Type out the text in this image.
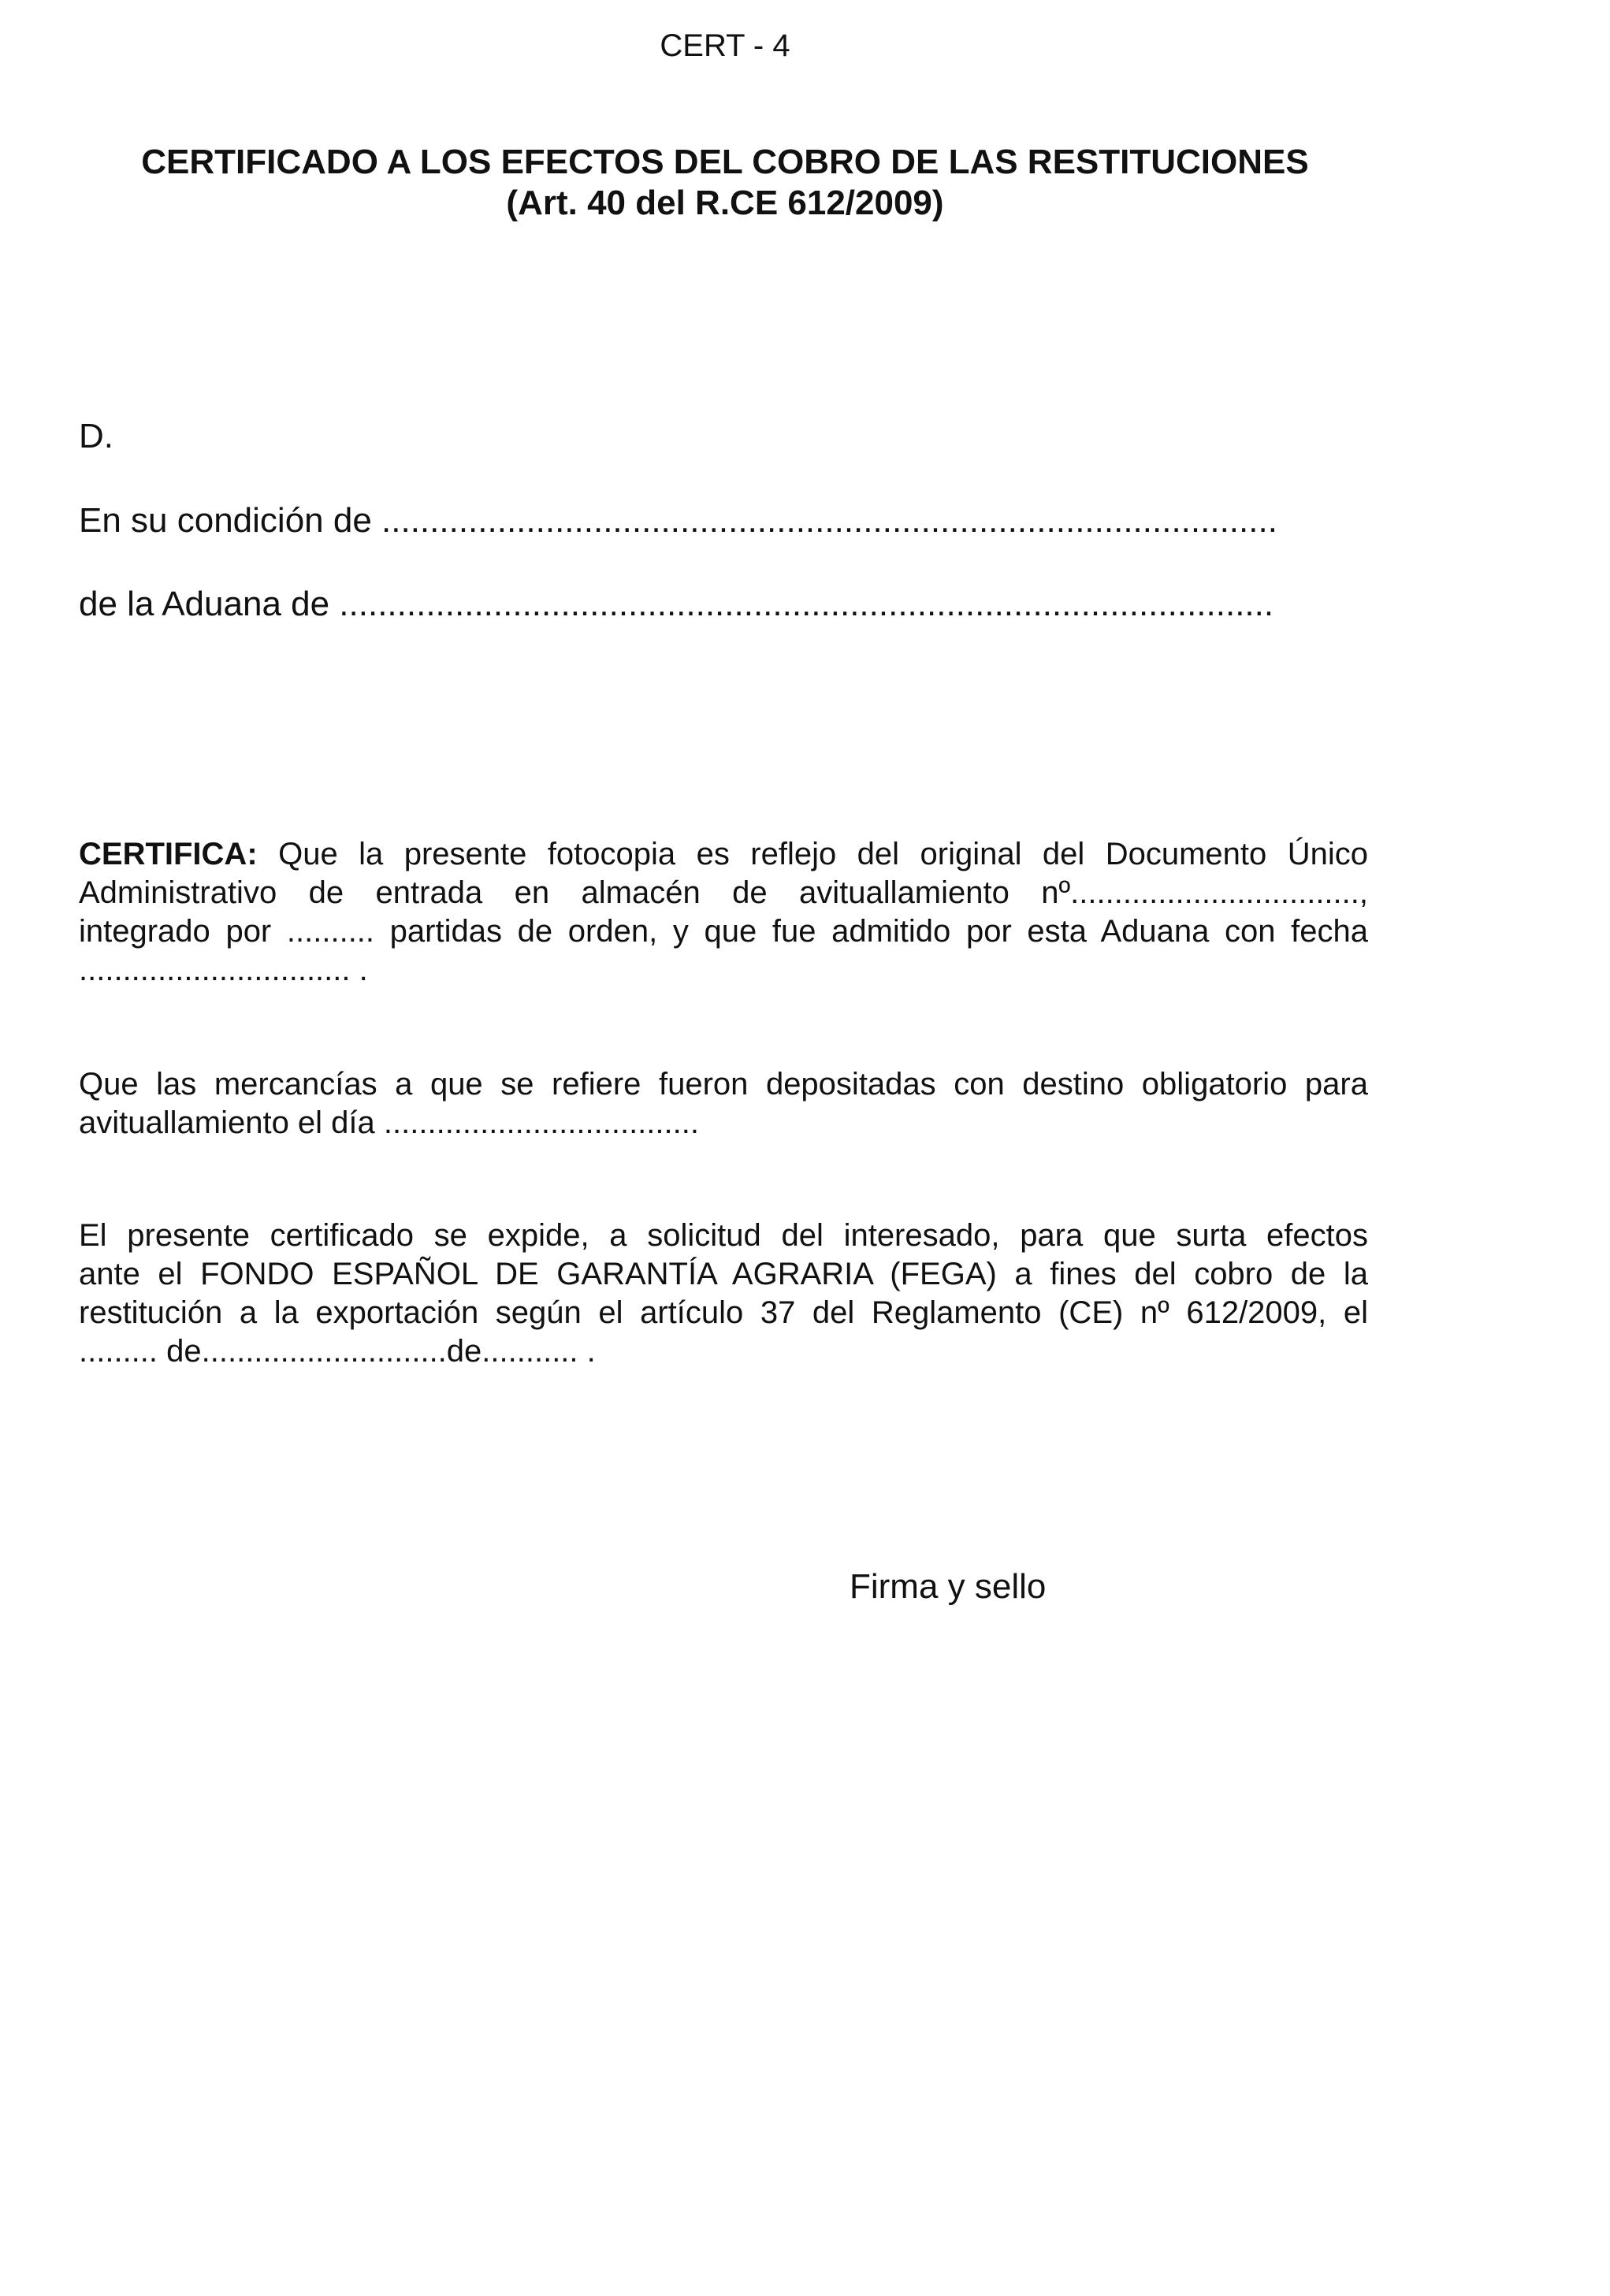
CERT - 4
CERTIFICADO A LOS EFECTOS DEL COBRO DE LAS RESTITUCIONES
(Art. 40 del R.CE 612/2009)
D.
En su condición de .............................................................................................
de la Aduana de .................................................................................................
CERTIFICA: Que la presente fotocopia es reflejo del original del Documento Único
Administrativo de entrada en almacén de avituallamiento nº.................................,
integrado por .......... partidas de orden, y que fue admitido por esta Aduana con fecha
............................... .
Que las mercancías a que se refiere fueron depositadas con destino obligatorio para
avituallamiento el día ....................................
El presente certificado se expide, a solicitud del interesado, para que surta efectos
ante el FONDO ESPAÑOL DE GARANTÍA AGRARIA (FEGA) a fines del cobro de la
restitución a la exportación según el artículo 37 del Reglamento (CE) nº 612/2009, el
......... de............................de........... .
Firma y sello
